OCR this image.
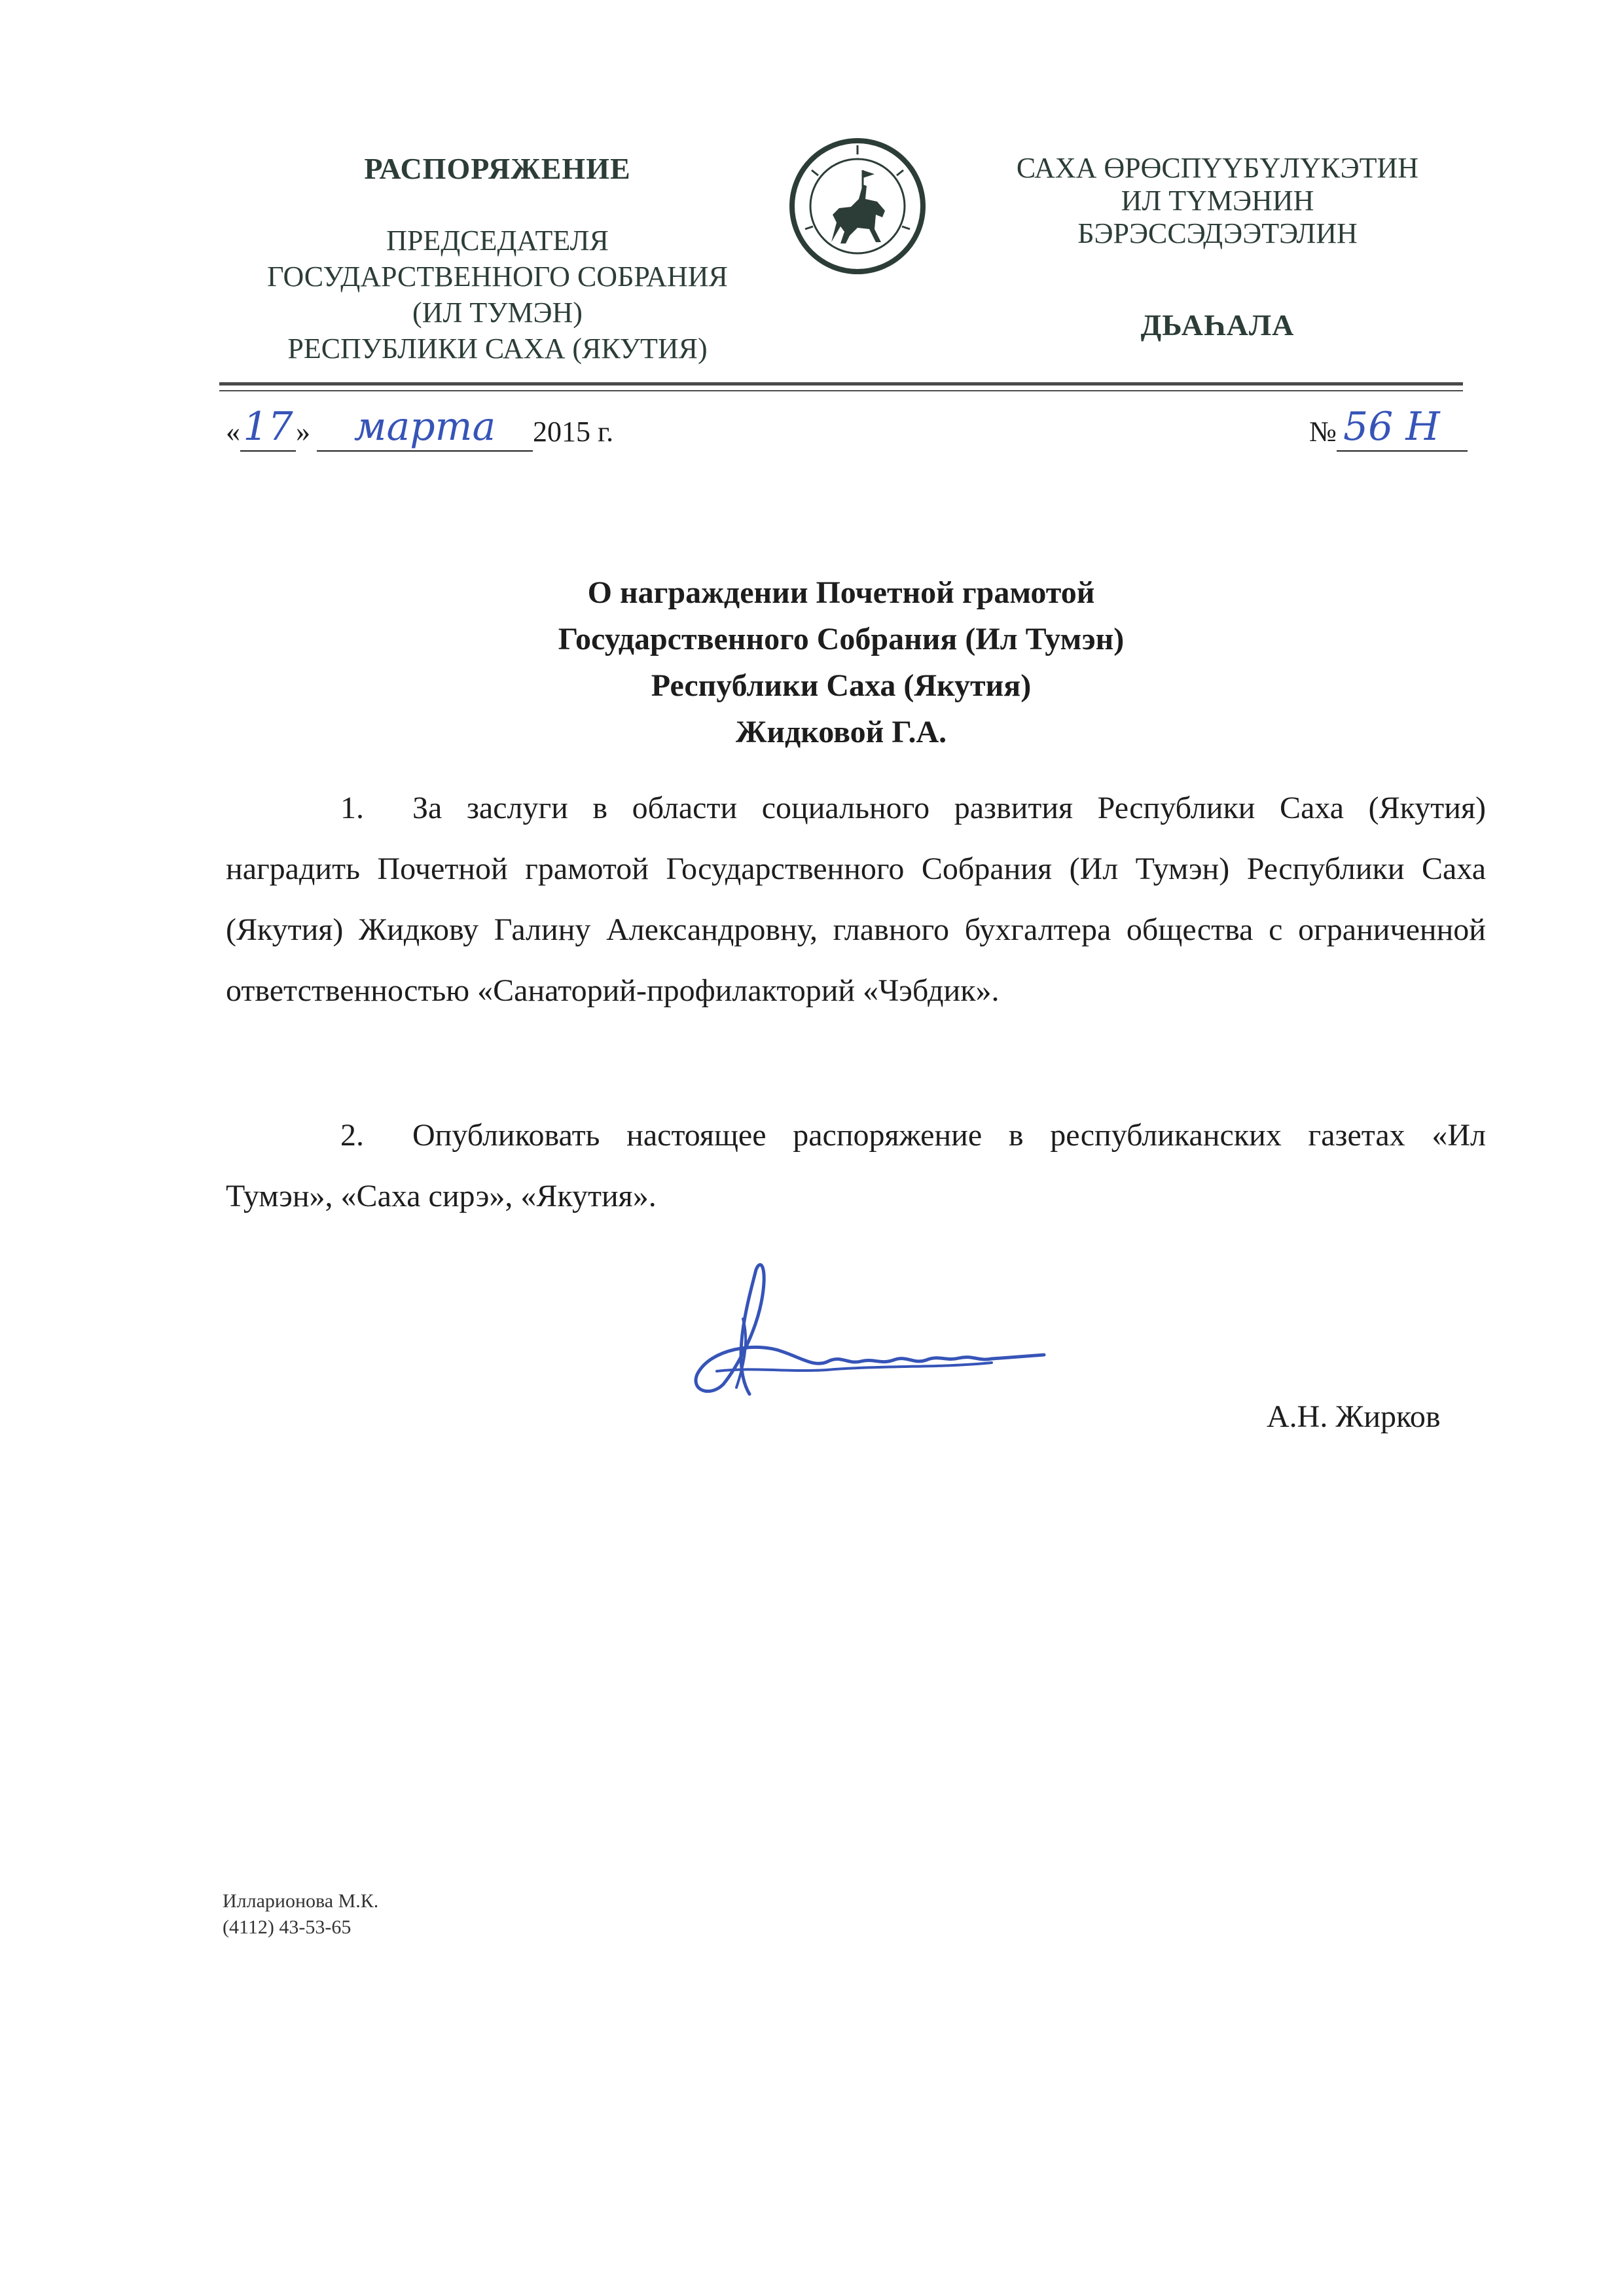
РАСПОРЯЖЕНИЕ
ПРЕДСЕДАТЕЛЯ
ГОСУДАРСТВЕННОГО СОБРАНИЯ
(ИЛ ТУМЭН)
РЕСПУБЛИКИ САХА (ЯКУТИЯ)
САХА ӨРӨСПҮҮБҮЛҮКЭТИН
ИЛ ТҮМЭНИН
БЭРЭССЭДЭЭТЭЛИН
ДЬАҺАЛА
«17» марта 2015 г.	№ 56 Н
О награждении Почетной грамотой
Государственного Собрания (Ил Тумэн)
Республики Саха (Якутия)
Жидковой Г.А.
1. За заслуги в области социального развития Республики Саха (Якутия) наградить Почетной грамотой Государственного Собрания (Ил Тумэн) Республики Саха (Якутия) Жидкову Галину Александровну, главного бухгалтера общества с ограниченной ответственностью «Санаторий-профилакторий «Чэбдик».
2. Опубликовать настоящее распоряжение в республиканских газетах «Ил Тумэн», «Саха сирэ», «Якутия».
А.Н. Жирков
Илларионова М.К.
(4112) 43-53-65
